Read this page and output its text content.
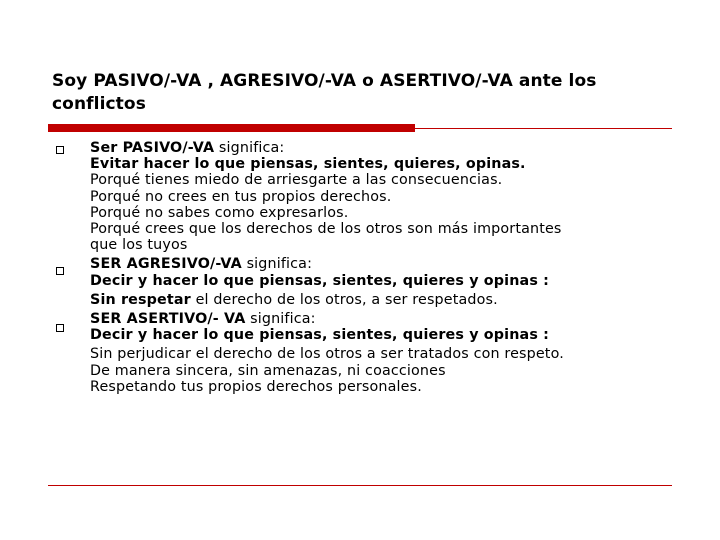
Soy PASIVO/-VA , AGRESIVO/-VA o ASERTIVO/-VA ante los conflictos
Ser PASIVO/-VA significa:
Evitar hacer lo que piensas, sientes, quieres, opinas.
Porqué tienes miedo de arriesgarte a las consecuencias.
Porqué no crees en tus propios derechos.
Porqué no sabes como expresarlos.
Porqué crees que los derechos de los otros son más importantes
que los tuyos
SER AGRESIVO/-VA significa:
Decir y hacer lo que piensas, sientes, quieres y opinas :
Sin respetar el derecho de los otros, a ser respetados.
SER ASERTIVO/- VA significa:
Decir y hacer lo que piensas, sientes, quieres y opinas :
Sin perjudicar el derecho de los otros a ser tratados con respeto.
De manera sincera, sin amenazas, ni coacciones
Respetando tus propios derechos personales.
